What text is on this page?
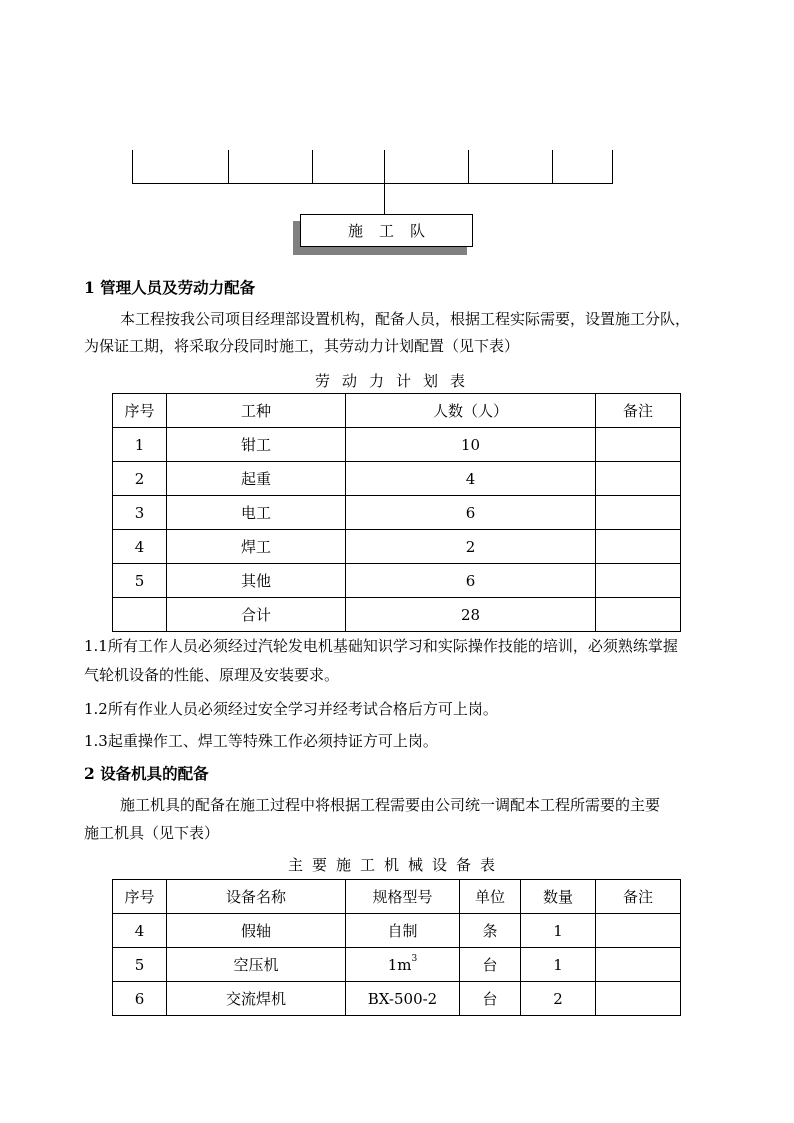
施工队
1 管理人员及劳动力配备
本工程按我公司项目经理部设置机构，配备人员，根据工程实际需要，设置施工分队，
为保证工期，将采取分段同时施工，其劳动力计划配置（见下表）
劳动力计划表
序号	工种	人数（人）	备注
1	钳工	10	
2	起重	4	
3	电工	6	
4	焊工	2	
5	其他	6	
	合计	28	
1.1所有工作人员必须经过汽轮发电机基础知识学习和实际操作技能的培训，必须熟练掌握
气轮机设备的性能、原理及安装要求。
1.2所有作业人员必须经过安全学习并经考试合格后方可上岗。
1.3起重操作工、焊工等特殊工作必须持证方可上岗。
2 设备机具的配备
施工机具的配备在施工过程中将根据工程需要由公司统一调配本工程所需要的主要
施工机具（见下表）
主要施工机械设备表
序号	设备名称	规格型号	单位	数量	备注
4	假轴	自制	条	1	
5	空压机	$1m^3$	台	1	
6	交流焊机	BX-500-2	台	2	
